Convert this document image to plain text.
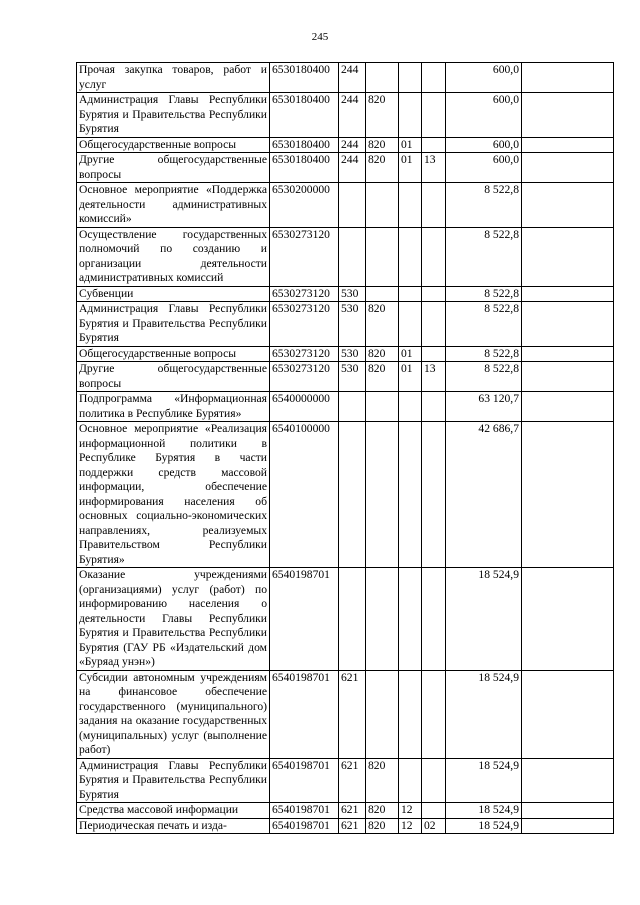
245
Прочая закупка товаров, работ и услуг	6530180400	244				600,0	
Администрация Главы Республики Бурятия и Правительства Республики Бурятия	6530180400	244	820			600,0	
Общегосударственные вопросы	6530180400	244	820	01		600,0	
Другие общегосударственные вопросы	6530180400	244	820	01	13	600,0	
Основное мероприятие «Поддержка деятельности административных комиссий»	6530200000					8 522,8	
Осуществление государственных полномочий по созданию и организации деятельности административных комиссий	6530273120					8 522,8	
Субвенции	6530273120	530				8 522,8	
Администрация Главы Республики Бурятия и Правительства Республики Бурятия	6530273120	530	820			8 522,8	
Общегосударственные вопросы	6530273120	530	820	01		8 522,8	
Другие общегосударственные вопросы	6530273120	530	820	01	13	8 522,8	
Подпрограмма «Информационная политика в Республике Бурятия»	6540000000					63 120,7	
Основное мероприятие «Реализация информационной политики в Республике Бурятия в части поддержки средств массовой информации, обеспечение информирования населения об основных социально-экономических направлениях, реализуемых Правительством Республики Бурятия»	6540100000					42 686,7	
Оказание учреждениями (организациями) услуг (работ) по информированию населения о деятельности Главы Республики Бурятия и Правительства Республики Бурятия (ГАУ РБ «Издательский дом «Буряад унэн»)	6540198701					18 524,9	
Субсидии автономным учреждениям на финансовое обеспечение государственного (муниципального) задания на оказание государственных (муниципальных) услуг (выполнение работ)	6540198701	621				18 524,9	
Администрация Главы Республики Бурятия и Правительства Республики Бурятия	6540198701	621	820			18 524,9	
Средства массовой информации	6540198701	621	820	12		18 524,9	
Периодическая печать и изда-	6540198701	621	820	12	02	18 524,9	
